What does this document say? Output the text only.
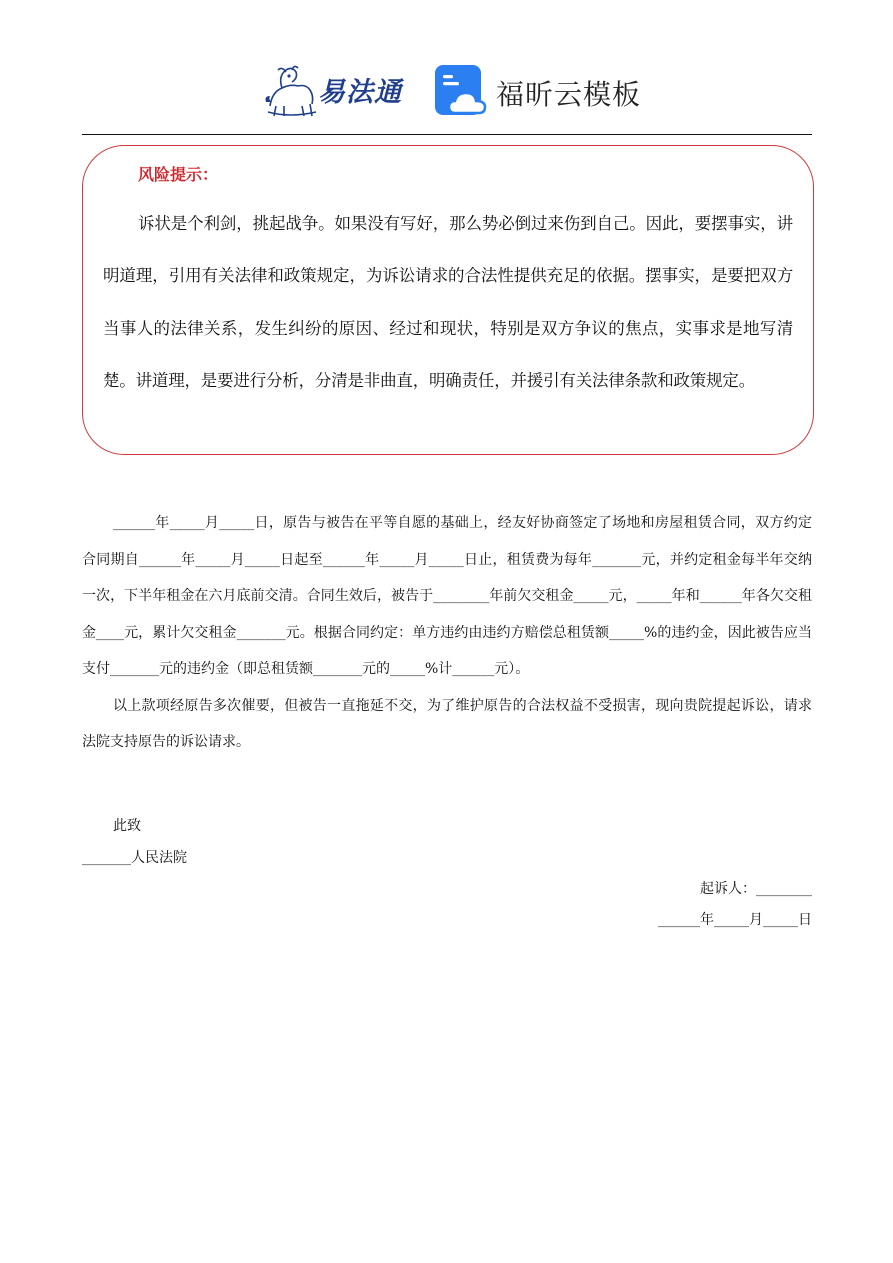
易法通	福昕云模板
风险提示：
诉状是个利剑，挑起战争。如果没有写好，那么势必倒过来伤到自己。因此，要摆事实，讲明道理，引用有关法律和政策规定，为诉讼请求的合法性提供充足的依据。摆事实，是要把双方当事人的法律关系，发生纠纷的原因、经过和现状，特别是双方争议的焦点，实事求是地写清楚。讲道理，是要进行分析，分清是非曲直，明确责任，并援引有关法律条款和政策规定。

______年_____月_____日，原告与被告在平等自愿的基础上，经友好协商签定了场地和房屋租赁合同，双方约定合同期自______年_____月_____日起至______年_____月_____日止，租赁费为每年_______元，并约定租金每半年交纳一次，下半年租金在六月底前交清。合同生效后，被告于________年前欠交租金_____元，_____年和______年各欠交租金____元，累计欠交租金_______元。根据合同约定：单方违约由违约方赔偿总租赁额_____%的违约金，因此被告应当支付_______元的违约金（即总租赁额_______元的_____%计______元）。

以上款项经原告多次催要，但被告一直拖延不交，为了维护原告的合法权益不受损害，现向贵院提起诉讼，请求法院支持原告的诉讼请求。

此致
_______人民法院
起诉人：________
______年_____月_____日
